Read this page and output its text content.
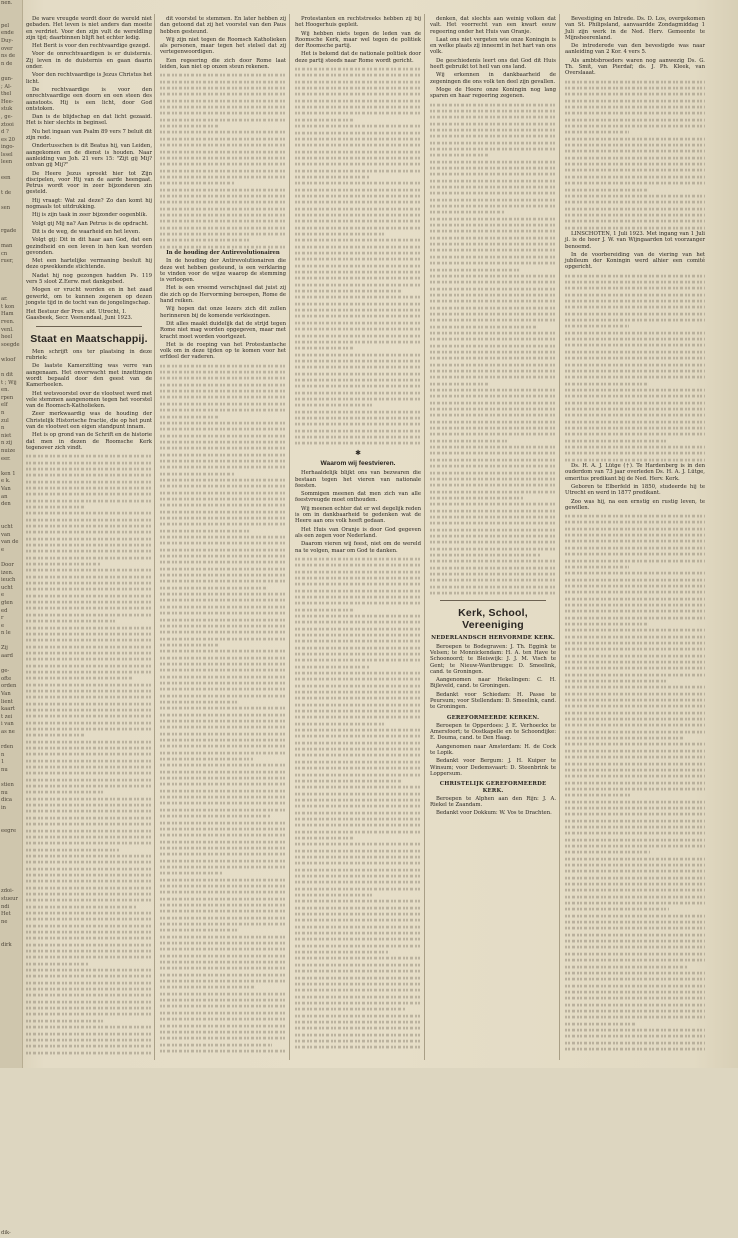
nen.

pel
ende
Duy-
over
ns de
n de

gun-
; Al-
thel
Hee-
stuk
, ge-
ztooi
d ?
es 20
ingo-
lssel
leen

een

t de

sen

rgade

man
cn
ruer,

ar.
t kon
Ham
rven.
venl.
heel
soegde

wloof

n dit
t ; Wij
en.
rpen
elf
n
zul
n
niet
n zij
nuize
eer.

ken 1
e k.
Van
an
den

ucht
van
van de
e

Door
izen.
ieuch
ucht
e
gten
ed
r
e
n le

Zij
aard

ge-
ofte
orden
Van
lient
kaart
t zei
i van
as ne

rden
n
1
nu

stien
nu
dica
in

eegre

zdoi-
stueur
ndi
Het
ne

dirk

dik-

De ware vreugde wordt door de wereld niet gebaden. Het leven is niet anders dan moeite en verdriet. Voor den zijn vult de wereldling zijn tijd; daarbinnen blijft het echter ledig.

Het Berit is voor den rechtvaardige gezegd.

Voor de onrechtvaardigen is er duisternis. Zij leven in de duisternis en gaan daarin onder.

Voor den rechtvaardige is Jezus Christus het licht.

De rechtvaardige is voor den onrechtvaardige een doorn en een steen des aanstoots. Hij is een licht, door God ontstoken.

Dan is de blijdschap en dat licht gezaaid. Het is hier slechts in beginsel.

Nu het ingaan van Psalm 89 vers 7 beluit dit zijn rede.

Ondertusschen is dit Beatus hij, van Leiden, aangekomen en de dienst is houden. Naar aanleiding van Joh. 21 vers 15: "Zijt gij Mij? ontvan gij Mij?"

De Heere Jezus spreekt hier tot Zijn discipelen, voor Hij van de aarde heengaat. Petrus wordt voor in zeer bijzonderen zin gesteld.

Hij vraagt: Wat zal deze? Zo dan komt hij nogmaals tot uitdrukking.

Hij is zijn taak in zeer bijzonder oogenblik.

Volgt gij Mij na? Aan Petrus is de opdracht.

Dit is de weg, de waarheid en het leven.

Volgt gij: Dit in dit haar aan God, dat een gezindheid en een leven in hen kan worden gevonden.

Met een hartelijke vermaning besluit hij deze opwekkende stichtende.

Nadat hij nog gezongen hadden Ps. 119 vers 5 sloot Z.Eerw. met dankgebed.

Mogen er vrucht worden en in het zaad gewerkt, om te kunnen zegenen op dezen jongste tijd in de tocht van de jongelingschap.

Het Bestuur der Prov. afd. Utrecht, I. Gaasbeek, Secr. Veenendaal, Juni 1923.

Staat en Maatschappij.

Men schrijft ons ter plaatsing in deze rubriek:

De laatste Kamerzitting was verre van aangenaam. Het onverwacht met inzettingen wordt bepaald door den geest van de Kamerheelen.

Het wetsvoorstel over de vlootwet werd met vele stemmen aangenomen tegen het voorstel van de Roomsch-Katholieken.

Zeer merkwaardig was de houding der Christelijk Historische fractie, die op het punt van de vlootwet een eigen standpunt innam.

Het is op grond van de Schrift en de historie dat men in dezen de Roomsche Kerk tegenover zich vindt.

dit voorstel te stemmen. En later hebben zij dan getoond dat zij het voorstel van den Paus hebben gesteund.

Wij zijn niet tegen de Roomsch Katholieken als personen, maar tegen het stelsel dat zij vertegenwoordigen.

Een regeering die zich door Rome laat leiden, kan niet op onzen steun rekenen.

In de houding der Antirevolutionairen

In de houding der Antirevolutionairen die deze wet hebben gesteund, is een verklaring te vinden voor de wijze waarop de stemming is verloopen.

Het is een vreemd verschijnsel dat juist zij die zich op de Hervorming beroepen, Rome de hand reiken.

Wij hopen dat onze lezers zich dit zullen herinneren bij de komende verkiezingen.

Dit alles maakt duidelijk dat de strijd tegen Rome niet mag worden opgegeven, maar met kracht moet worden voortgezet.

Het is de roeping van het Protestantsche volk om in deze tijden op te komen voor het erfdeel der vaderen.

Protestanten en rechtstreeks hebben zij bij het Hoogerhuis gepleit.

Wij hebben niets tegen de leden van de Roomsche Kerk, maar wel tegen de politiek der Roomsche partij.

Het is bekend dat de nationale politiek door deze partij steeds naar Rome wordt gericht.

✱
Waarom wij feestvieren.

Herhaaldelijk blijkt ons van bezwaren die bestaan tegen het vieren van nationale feesten.

Sommigen meenen dat men zich van alle feestvreugde moet onthouden.

Wij meenen echter dat er wel degelijk reden is om in dankbaarheid te gedenken wat de Heere aan ons volk heeft gedaan.

Het Huis van Oranje is door God gegeven als een zegen voor Nederland.

Daarom vieren wij feest, niet om de wereld na te volgen, maar om God te danken.

denken, dat slechts aan weinig volken dat valt. Het voorrecht van een kwart eeuw regeering onder het Huis van Oranje.

Laat ons niet vergeten wie onze Koningin is en welke plaats zij inneemt in het hart van ons volk.

De geschiedenis leert ons dat God dit Huis heeft gebruikt tot heil van ons land.

Wij erkennen in dankbaarheid de zegeningen die ons volk ten deel zijn gevallen.

Moge de Heere onze Koningin nog lang sparen en haar regeering zegenen.

Kerk, School, Vereeniging
NEDERLANDSCH HERVORMDE KERK.

Beroepen te Bodegraven: J. Th. Eggink te Velsen; te Monnickendam: H. A. ten Have te Schoonoord; te Bleiswijk: J. J. M. Visch te Gent; te Nieuw-Wantbrugge: D. Smeelink, cand. te Groningen.

Aangenomen naar Hekelingen: C. H. Bijleveld, cand. te Groningen.

Bedankt voor Schiedam: H. Passe te Peursum; voor Stellendam: D. Smeelink, cand. te Groningen.

GEREFORMEERDE KERKEN.

Beroepen te Opperdoes: J. E. Verhoeckx te Amersfoort; te Oostkapelle en te Schoondijke: E. Douma, cand. te Den Haag.

Aangenomen naar Amsterdam: H. de Cock te Lopik.

Bedankt voor Bergum: J. H. Kuiper te Winsum; voor Dedemsvaart: D. Steenbrink te Loppersum.

CHRISTELIJK GEREFORMEERDE KERK.

Beroepen te Alphen aan den Rijn: J. A. Riekel te Zaandam.

Bedankt voor Dokkum: W. Vos te Drachten.

Bevestiging en Intrede. Ds. D. Los, overgekomen van St. Philipsland, aanvaardde Zondagmiddag 1 Juli zijn werk in de Ned. Herv. Gemeente te Mijnsheerenland.

De intrederede van den bevestigde was naar aanleiding van 2 Kor. 4 vers 5.

Als ambtsbroeders waren nog aanwezig Ds. G. Th. Smit, van Pierdaf; ds. J. Ph. Kleek, van Overslaaat.

LINSCHOTEN, 1 Juli 1923. Met ingang van 1 Juli jl. is de heer J. W. van Wijngaarden tot voorzanger benoemd.

In de voorbereiding van de viering van het jubileum der Koningin werd alhier een comité opgericht.

Ds. H. A. J. Lütge (†). Te Hardenberg is in den ouderdom van 73 jaar overleden Ds. H. A. J. Lütge, emeritus predikant bij de Ned. Herv. Kerk.

Geboren te Elberfeld in 1850, studeerde hij te Utrecht en werd in 1877 predikant.

Zoo was hij, na een ernstig en rustig leven, te gewillen.
